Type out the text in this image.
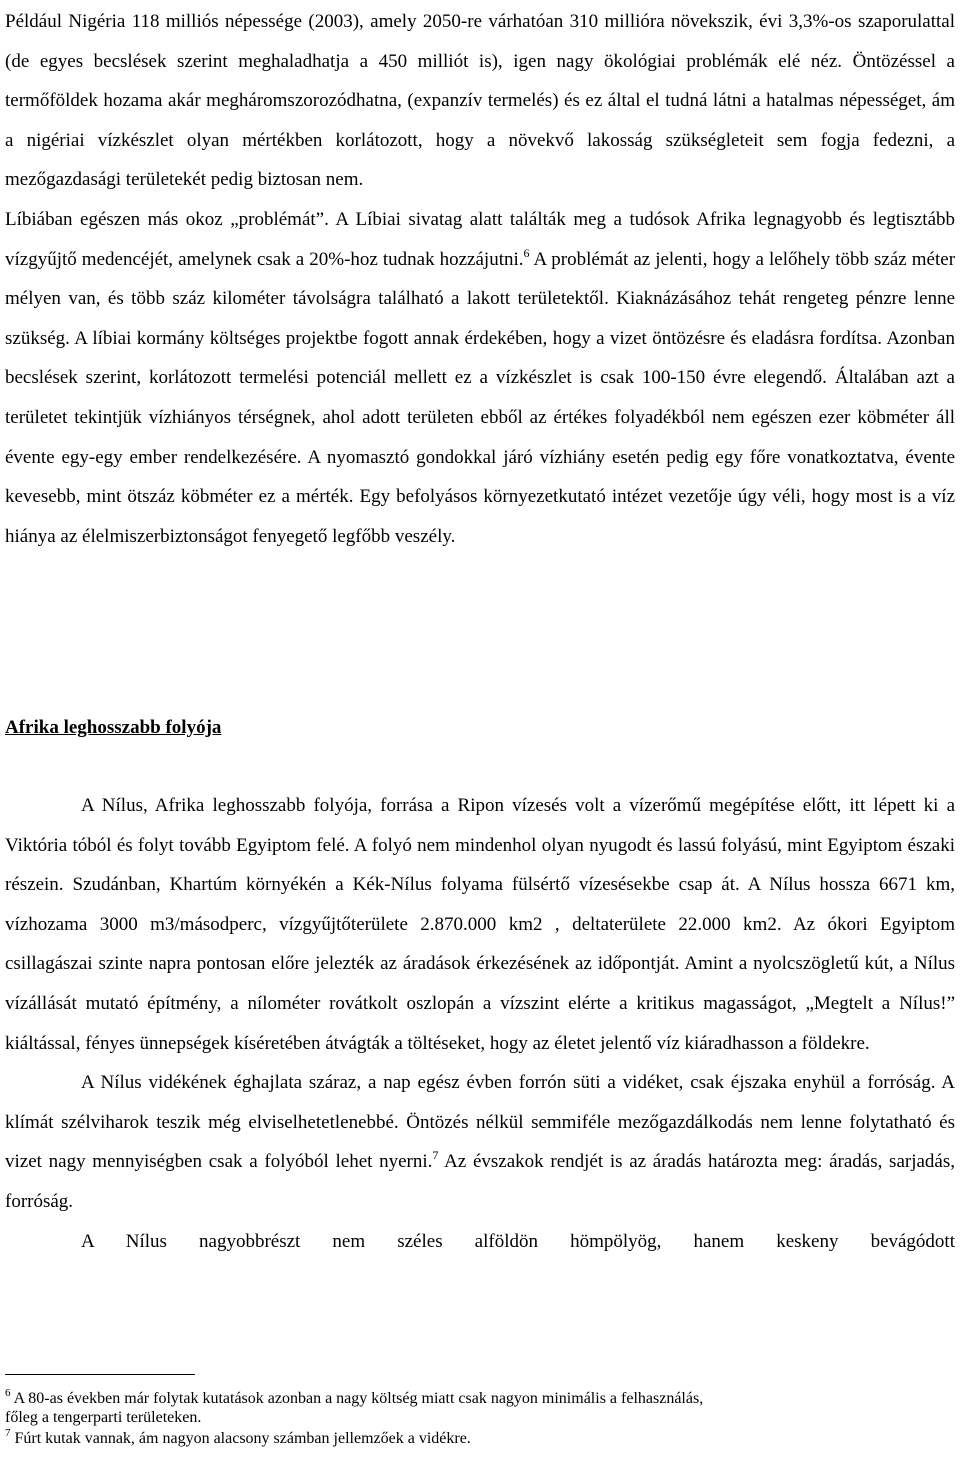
Például Nigéria 118 milliós népessége (2003), amely 2050-re várhatóan 310 millióra növekszik, évi 3,3%-os szaporulattal (de egyes becslések szerint meghaladhatja a 450 milliót is), igen nagy ökológiai problémák elé néz. Öntözéssel a termőföldek hozama akár megháromszorozódhatna, (expanzív termelés) és ez által el tudná látni a hatalmas népességet, ám a nigériai vízkészlet olyan mértékben korlátozott, hogy a növekvő lakosság szükségleteit sem fogja fedezni, a mezőgazdasági területekét pedig biztosan nem.

Líbiában egészen más okoz „problémát”. A Líbiai sivatag alatt találták meg a tudósok Afrika legnagyobb és legtisztább vízgyűjtő medencéjét, amelynek csak a 20%-hoz tudnak hozzájutni.$^6$ A problémát az jelenti, hogy a lelőhely több száz méter mélyen van, és több száz kilométer távolságra található a lakott területektől. Kiaknázásához tehát rengeteg pénzre lenne szükség. A líbiai kormány költséges projektbe fogott annak érdekében, hogy a vizet öntözésre és eladásra fordítsa. Azonban becslések szerint, korlátozott termelési potenciál mellett ez a vízkészlet is csak 100-150 évre elegendő. Általában azt a területet tekintjük vízhiányos térségnek, ahol adott területen ebből az értékes folyadékból nem egészen ezer köbméter áll évente egy-egy ember rendelkezésére. A nyomasztó gondokkal járó vízhiány esetén pedig egy főre vonatkoztatva, évente kevesebb, mint ötszáz köbméter ez a mérték. Egy befolyásos környezetkutató intézet vezetője úgy véli, hogy most is a víz hiánya az élelmiszerbiztonságot fenyegető legfőbb veszély.

Afrika leghosszabb folyója

A Nílus, Afrika leghosszabb folyója, forrása a Ripon vízesés volt a vízerőmű megépítése előtt, itt lépett ki a Viktória tóból és folyt tovább Egyiptom felé. A folyó nem mindenhol olyan nyugodt és lassú folyású, mint Egyiptom északi részein. Szudánban, Khartúm környékén a Kék-Nílus folyama fülsértő vízesésekbe csap át. A Nílus hossza 6671 km, vízhozama 3000 m3/másodperc, vízgyűjtőterülete 2.870.000 km2 , deltaterülete 22.000 km2. Az ókori Egyiptom csillagászai szinte napra pontosan előre jelezték az áradások érkezésének az időpontját. Amint a nyolcszögletű kút, a Nílus vízállását mutató építmény, a nílométer rovátkolt oszlopán a vízszint elérte a kritikus magasságot, „Megtelt a Nílus!” kiáltással, fényes ünnepségek kíséretében átvágták a töltéseket, hogy az életet jelentő víz kiáradhasson a földekre.

A Nílus vidékének éghajlata száraz, a nap egész évben forrón süti a vidéket, csak éjszaka enyhül a forróság. A klímát szélviharok teszik még elviselhetetlenebbé. Öntözés nélkül semmiféle mezőgazdálkodás nem lenne folytatható és vizet nagy mennyiségben csak a folyóból lehet nyerni.$^7$ Az évszakok rendjét is az áradás határozta meg: áradás, sarjadás, forróság.

A Nílus nagyobbrészt nem széles alföldön hömpölyög, hanem keskeny bevágódott

$^6$ A 80-as években már folytak kutatások azonban a nagy költség miatt csak nagyon minimális a felhasználás,
főleg a tengerparti területeken.

$^7$ Fúrt kutak vannak, ám nagyon alacsony számban jellemzőek a vidékre.
